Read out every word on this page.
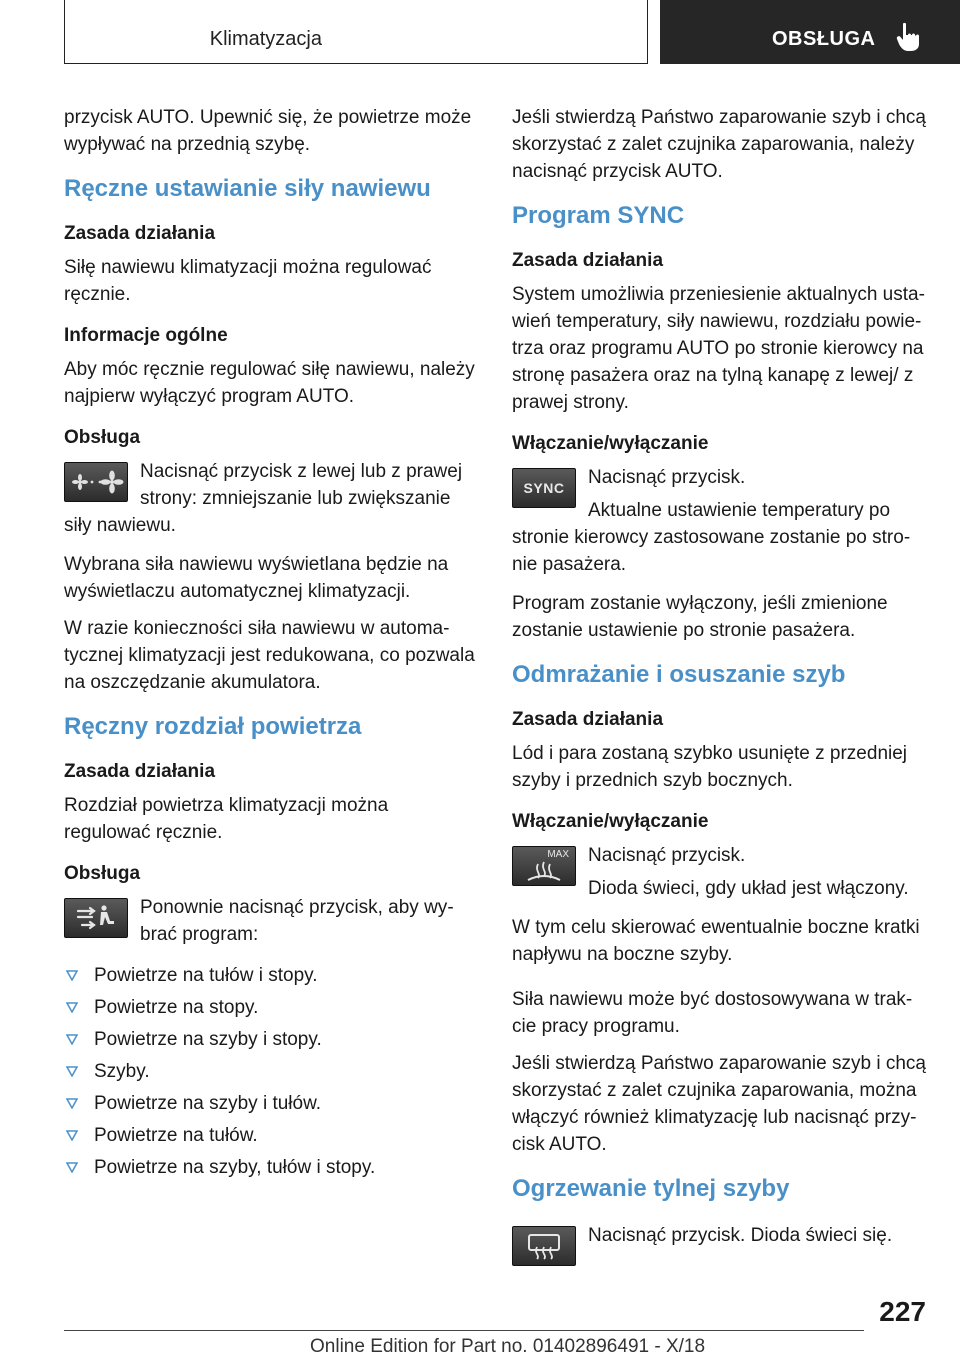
Klimatyzacja	OBSŁUGA

przycisk AUTO. Upewnić się, że powietrze może wypływać na przednią szybę.

Ręczne ustawianie siły nawiewu
Zasada działania

Siłę nawiewu klimatyzacji można regulować ręcznie.

Informacje ogólne

Aby móc ręcznie regulować siłę nawiewu, należy najpierw wyłączyć program AUTO.

Obsługa

Nacisnąć przycisk z lewej lub z prawej strony: zmniejszanie lub zwiększanie siły nawiewu.

Wybrana siła nawiewu wyświetlana będzie na wyświetlaczu automatycznej klimatyzacji.

W razie konieczności siła nawiewu w automatycznej klimatyzacji jest redukowana, co pozwala na oszczędzanie akumulatora.

Ręczny rozdział powietrza
Zasada działania

Rozdział powietrza klimatyzacji można regulować ręcznie.

Obsługa

Ponownie nacisnąć przycisk, aby wybrać program:

Powietrze na tułów i stopy.
Powietrze na stopy.
Powietrze na szyby i stopy.
Szyby.
Powietrze na szyby i tułów.
Powietrze na tułów.
Powietrze na szyby, tułów i stopy.

Jeśli stwierdzą Państwo zaparowanie szyb i chcą skorzystać z zalet czujnika zaparowania, należy nacisnąć przycisk AUTO.

Program SYNC
Zasada działania

System umożliwia przeniesienie aktualnych ustawień temperatury, siły nawiewu, rozdziału powietrza oraz programu AUTO po stronie kierowcy na stronę pasażera oraz na tylną kanapę z lewej/ z prawej strony.

Włączanie/wyłączanie
SYNC	Nacisnąć przycisk.

Aktualne ustawienie temperatury po stronie kierowcy zastosowane zostanie po stronie pasażera.

Program zostanie wyłączony, jeśli zmienione zostanie ustawienie po stronie pasażera.

Odmrażanie i osuszanie szyb
Zasada działania

Lód i para zostaną szybko usunięte z przedniej szyby i przednich szyb bocznych.

Włączanie/wyłączanie
MAX	Nacisnąć przycisk.

Dioda świeci, gdy układ jest włączony.

W tym celu skierować ewentualnie boczne kratki napływu na boczne szyby.

Siła nawiewu może być dostosowywana w trakcie pracy programu.

Jeśli stwierdzą Państwo zaparowanie szyb i chcą skorzystać z zalet czujnika zaparowania, można włączyć również klimatyzację lub nacisnąć przycisk AUTO.

Ogrzewanie tylnej szyby

Nacisnąć przycisk. Dioda świeci się.

227
Online Edition for Part no. 01402896491 - X/18
